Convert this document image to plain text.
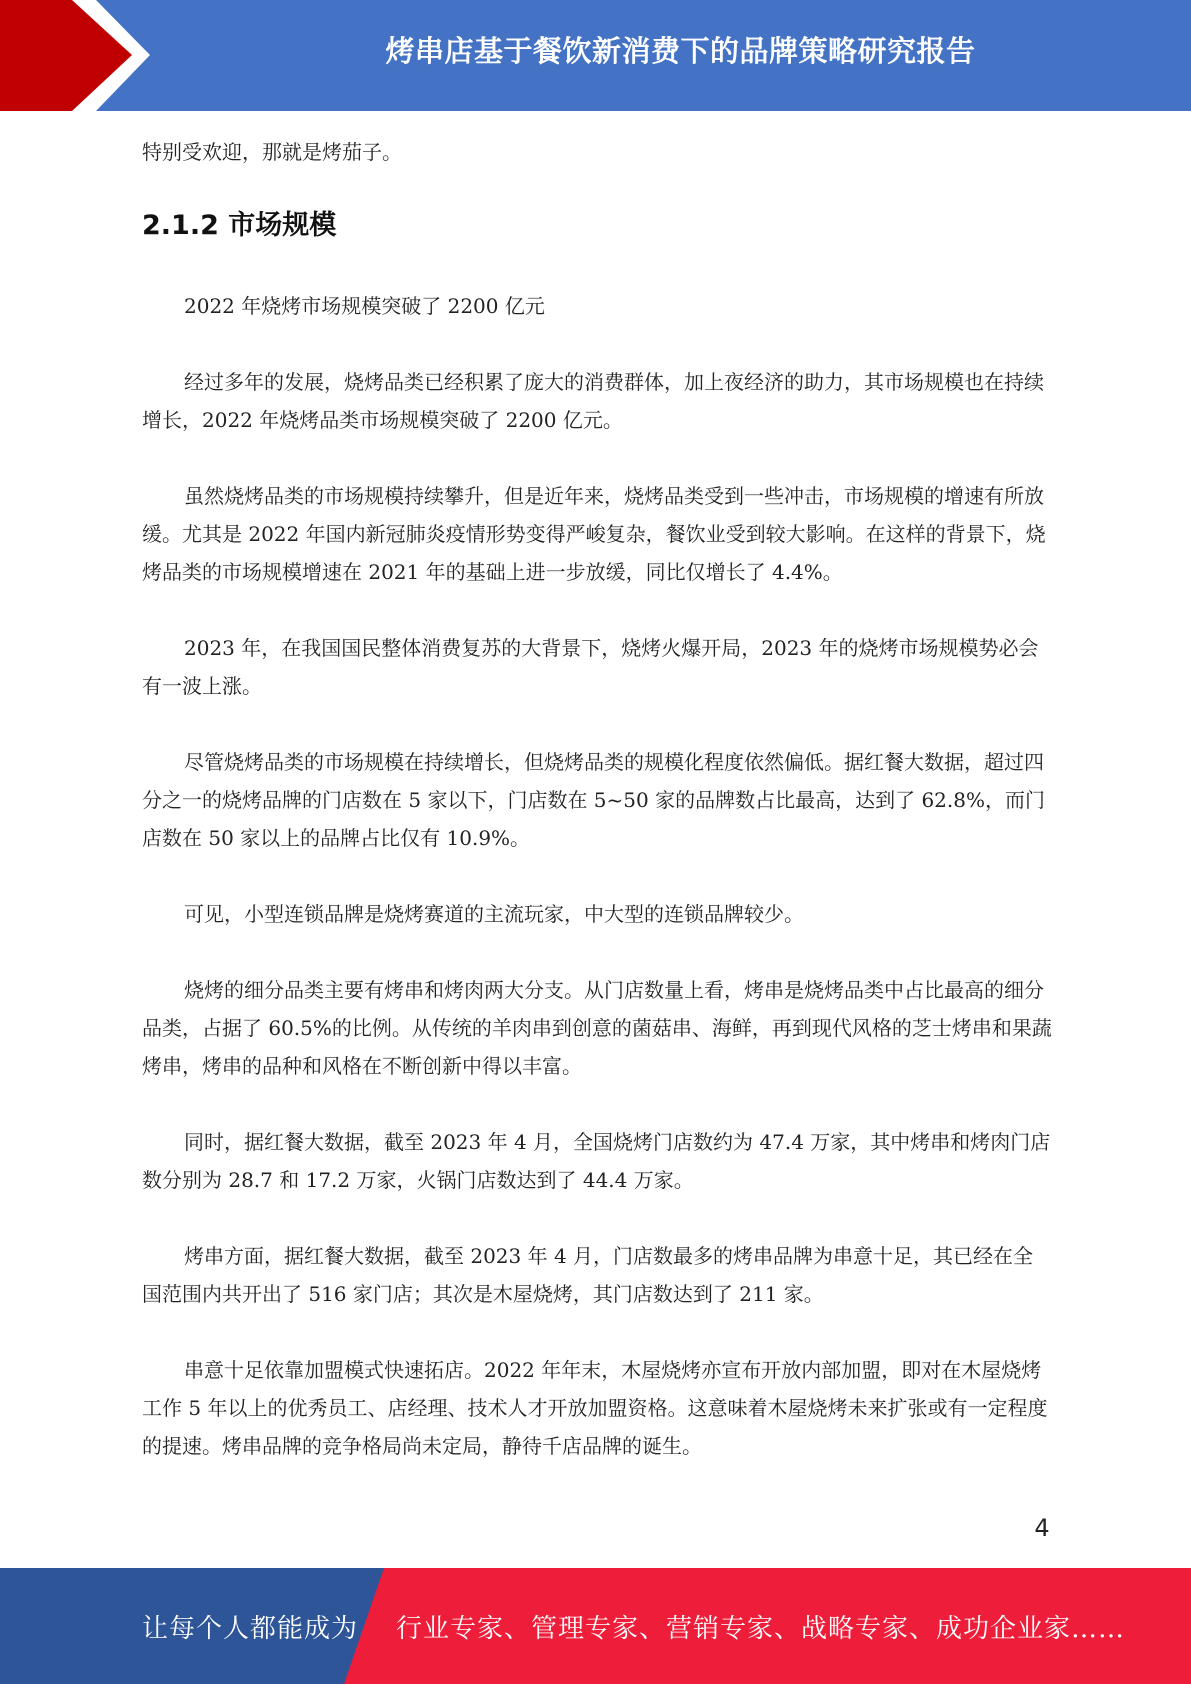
烤串店基于餐饮新消费下的品牌策略研究报告

特别受欢迎，那就是烤茄子。

2.1.2 市场规模

2022 年烧烤市场规模突破了 2200 亿元

经过多年的发展，烧烤品类已经积累了庞大的消费群体，加上夜经济的助力，其市场规模也在持续增长，2022 年烧烤品类市场规模突破了 2200 亿元。

虽然烧烤品类的市场规模持续攀升，但是近年来，烧烤品类受到一些冲击，市场规模的增速有所放缓。尤其是 2022 年国内新冠肺炎疫情形势变得严峻复杂，餐饮业受到较大影响。在这样的背景下，烧烤品类的市场规模增速在 2021 年的基础上进一步放缓，同比仅增长了 4.4%。

2023 年，在我国国民整体消费复苏的大背景下，烧烤火爆开局，2023 年的烧烤市场规模势必会有一波上涨。

尽管烧烤品类的市场规模在持续增长，但烧烤品类的规模化程度依然偏低。据红餐大数据，超过四分之一的烧烤品牌的门店数在 5 家以下，门店数在 5~50 家的品牌数占比最高，达到了 62.8%，而门店数在 50 家以上的品牌占比仅有 10.9%。

可见，小型连锁品牌是烧烤赛道的主流玩家，中大型的连锁品牌较少。

烧烤的细分品类主要有烤串和烤肉两大分支。从门店数量上看，烤串是烧烤品类中占比最高的细分品类，占据了 60.5%的比例。从传统的羊肉串到创意的菌菇串、海鲜，再到现代风格的芝士烤串和果蔬烤串，烤串的品种和风格在不断创新中得以丰富。

同时，据红餐大数据，截至 2023 年 4 月，全国烧烤门店数约为 47.4 万家，其中烤串和烤肉门店数分别为 28.7 和 17.2 万家，火锅门店数达到了 44.4 万家。

烤串方面，据红餐大数据，截至 2023 年 4 月，门店数最多的烤串品牌为串意十足，其已经在全国范围内共开出了 516 家门店；其次是木屋烧烤，其门店数达到了 211 家。

串意十足依靠加盟模式快速拓店。2022 年年末，木屋烧烤亦宣布开放内部加盟，即对在木屋烧烤工作 5 年以上的优秀员工、店经理、技术人才开放加盟资格。这意味着木屋烧烤未来扩张或有一定程度的提速。烤串品牌的竞争格局尚未定局，静待千店品牌的诞生。

4
让每个人都能成为 行业专家、管理专家、营销专家、战略专家、成功企业家……
